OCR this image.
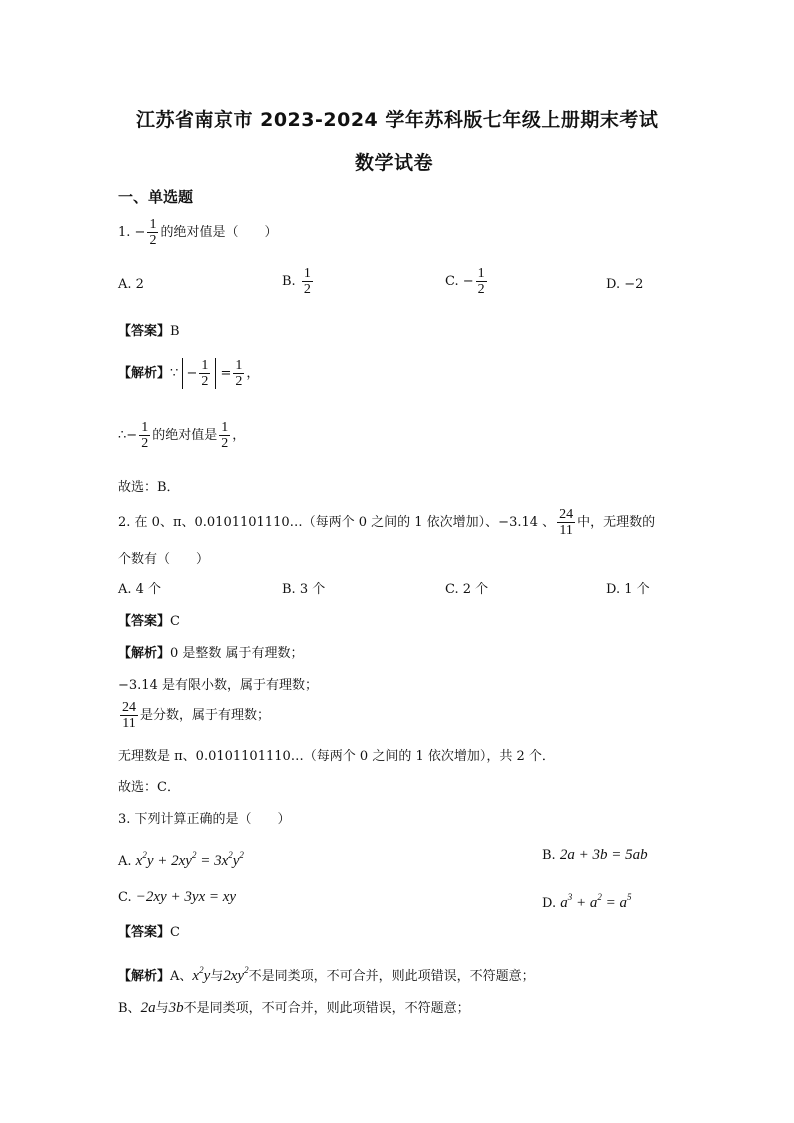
江苏省南京市 2023-2024 学年苏科版七年级上册期末考试
数学试卷
一、单选题
1. − $\frac{1}{2}$ 的绝对值是（　　）
A. 2	B. $\frac{1}{2}$	C. − $\frac{1}{2}$	D. −2
【答案】B
【解析】∵ − $\frac{1}{2} = \frac{1}{2}$ ，
∴− $\frac{1}{2}$ 的绝对值是 $\frac{1}{2}$ ，
故选：B．
2. 在 0、π、0.0101101110…（每两个 0 之间的 1 依次增加）、−3.14 、 $\frac{24}{11}$ 中，无理数的
个数有（　　）
A. 4 个	B. 3 个	C. 2 个	D. 1 个
【答案】C
【解析】0 是整数 属于有理数；
−3.14 是有限小数，属于有理数；
$\frac{24}{11}$ 是分数，属于有理数；
无理数是 π、0.0101101110…（每两个 0 之间的 1 依次增加），共 2 个．
故选：C．
3. 下列计算正确的是（　　）
A. $x^2y + 2xy^2 = 3x^2y^2$	B. 2a + 3b = 5ab
C. −2xy + 3yx = xy	D. $a^3 + a^2 = a^5$
【答案】C
【解析】A、$x^2y$与$2xy^2$不是同类项，不可合并，则此项错误，不符题意；
B、2a与3b不是同类项，不可合并，则此项错误，不符题意；
